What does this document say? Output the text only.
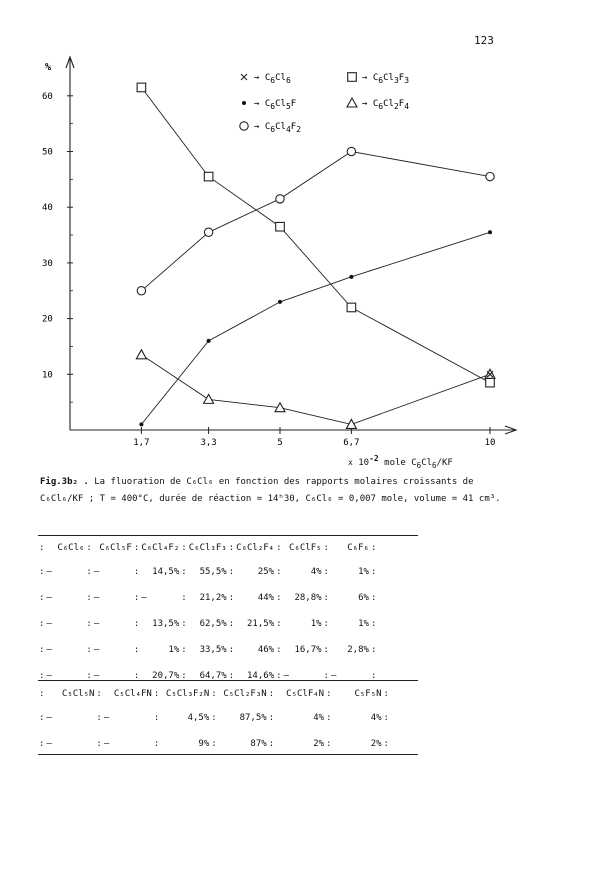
123
%
10
20
30
40
50
60
1,7	3,3	5	6,7	10
→ C6Cl6
→ C6Cl5F
→ C6Cl4F2
→ C6Cl3F3
→ C6Cl2F4
x $10^{-2}$ mole $C_6Cl_6/KF$
Fig.3b₂ . La fluoration de C₆Cl₆ en fonction des rapports molaires croissants de
C₆Cl₆/KF ; T = 400°C, durée de réaction = 14ʰ30, C₆Cl₆ = 0,007 mole, volume = 41 cm³.
:	C₆Cl₆	:	C₆Cl₅F	:	C₆Cl₄F₂	:	C₆Cl₃F₃	:	C₆Cl₂F₄	:	C₆ClF₅	:	C₆F₆	:
:	—	:	—	:	14,5%	:	55,5%	:	25%	:	4%	:	1%	:
:	—	:	—	:	—	:	21,2%	:	44%	:	28,8%	:	6%	:
:	—	:	—	:	13,5%	:	62,5%	:	21,5%	:	1%	:	1%	:
:	—	:	—	:	1%	:	33,5%	:	46%	:	16,7%	:	2,8%	:
:	—	:	—	:	20,7%	:	64,7%	:	14,6%	:	—	:	—	:
:	C₅Cl₅N	:	C₅Cl₄FN	:	C₅Cl₃F₂N	:	C₅Cl₂F₃N	:	C₅ClF₄N	:	C₅F₅N	:
:	—	:	—	:	4,5%	:	87,5%	:	4%	:	4%	:
:	—	:	—	:	9%	:	87%	:	2%	:	2%	:
